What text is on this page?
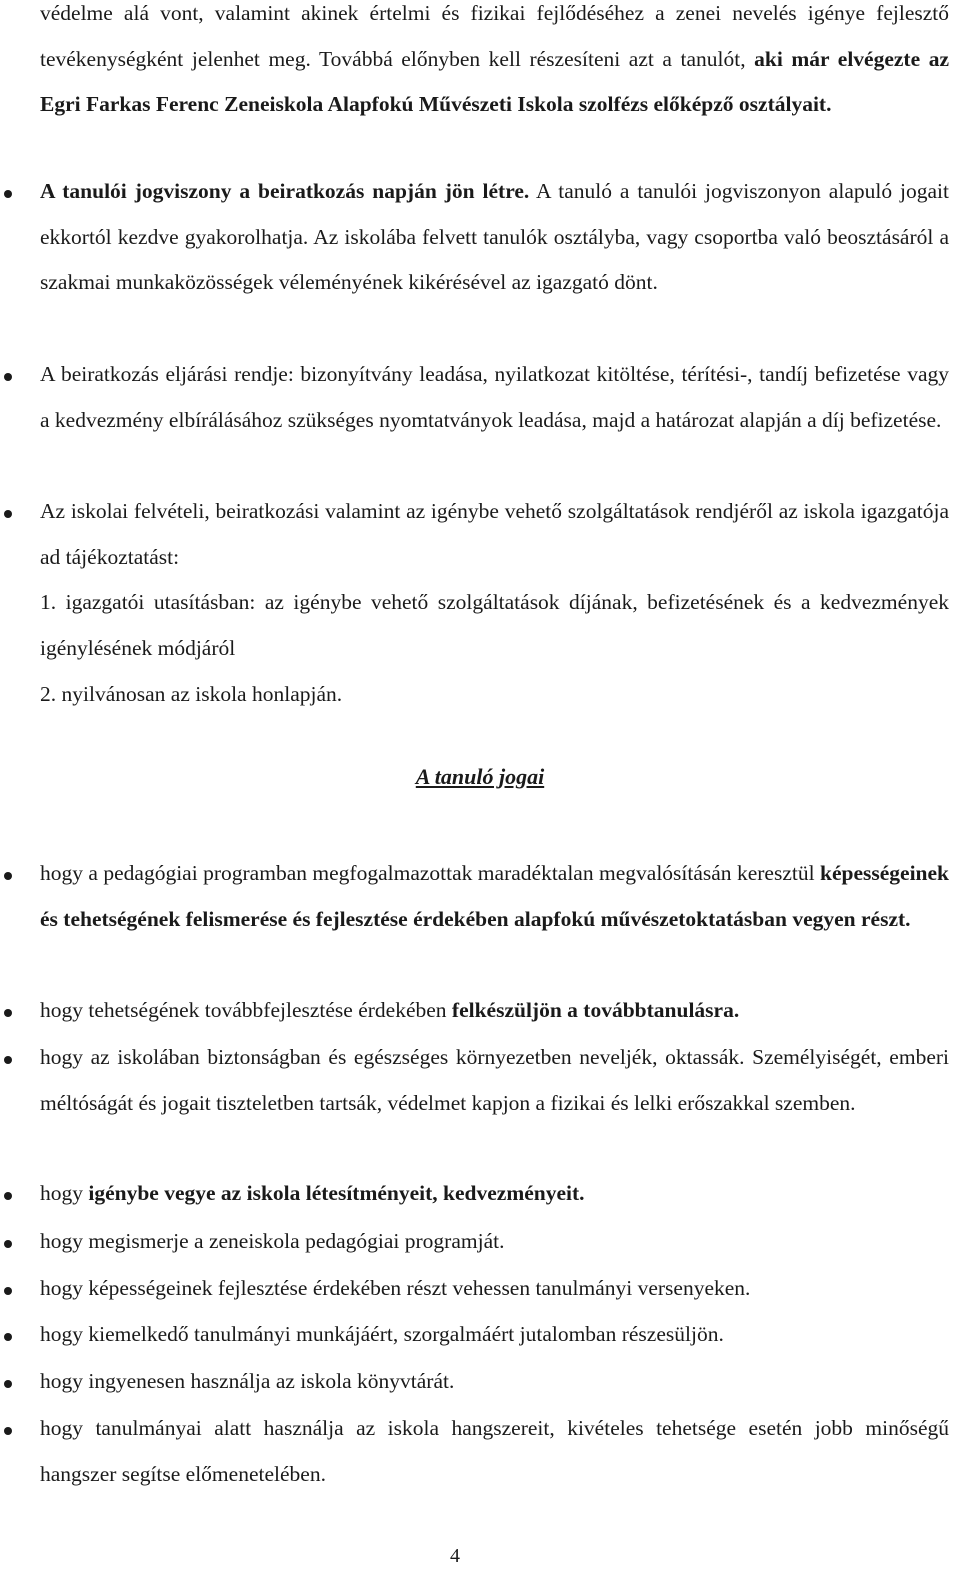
védelme alá vont, valamint akinek értelmi és fizikai fejlődéséhez a zenei nevelés igénye fejlesztő tevékenységként jelenhet meg. Továbbá előnyben kell részesíteni azt a tanulót, aki már elvégezte az Egri Farkas Ferenc Zeneiskola Alapfokú Művészeti Iskola szolfézs előképző osztályait.

A tanulói jogviszony a beiratkozás napján jön létre. A tanuló a tanulói jogviszonyon alapuló jogait ekkortól kezdve gyakorolhatja. Az iskolába felvett tanulók osztályba, vagy csoportba való beosztásáról a szakmai munkaközösségek véleményének kikérésével az igazgató dönt.

A beiratkozás eljárási rendje: bizonyítvány leadása, nyilatkozat kitöltése, térítési-, tandíj befizetése vagy a kedvezmény elbírálásához szükséges nyomtatványok leadása, majd a határozat alapján a díj befizetése.

Az iskolai felvételi, beiratkozási valamint az igénybe vehető szolgáltatások rendjéről az iskola igazgatója ad tájékoztatást:

1. igazgatói utasításban: az igénybe vehető szolgáltatások díjának, befizetésének és a kedvezmények igénylésének módjáról

2. nyilvánosan az iskola honlapján.

A tanuló jogai

hogy a pedagógiai programban megfogalmazottak maradéktalan megvalósításán keresztül képességeinek és tehetségének felismerése és fejlesztése érdekében alapfokú művészetoktatásban vegyen részt.

hogy tehetségének továbbfejlesztése érdekében felkészüljön a továbbtanulásra.

hogy az iskolában biztonságban és egészséges környezetben neveljék, oktassák. Személyiségét, emberi méltóságát és jogait tiszteletben tartsák, védelmet kapjon a fizikai és lelki erőszakkal szemben.

hogy igénybe vegye az iskola létesítményeit, kedvezményeit.

hogy megismerje a zeneiskola pedagógiai programját.

hogy képességeinek fejlesztése érdekében részt vehessen tanulmányi versenyeken.

hogy kiemelkedő tanulmányi munkájáért, szorgalmáért jutalomban részesüljön.

hogy ingyenesen használja az iskola könyvtárát.

hogy tanulmányai alatt használja az iskola hangszereit, kivételes tehetsége esetén jobb minőségű hangszer segítse előmenetelében.

4
